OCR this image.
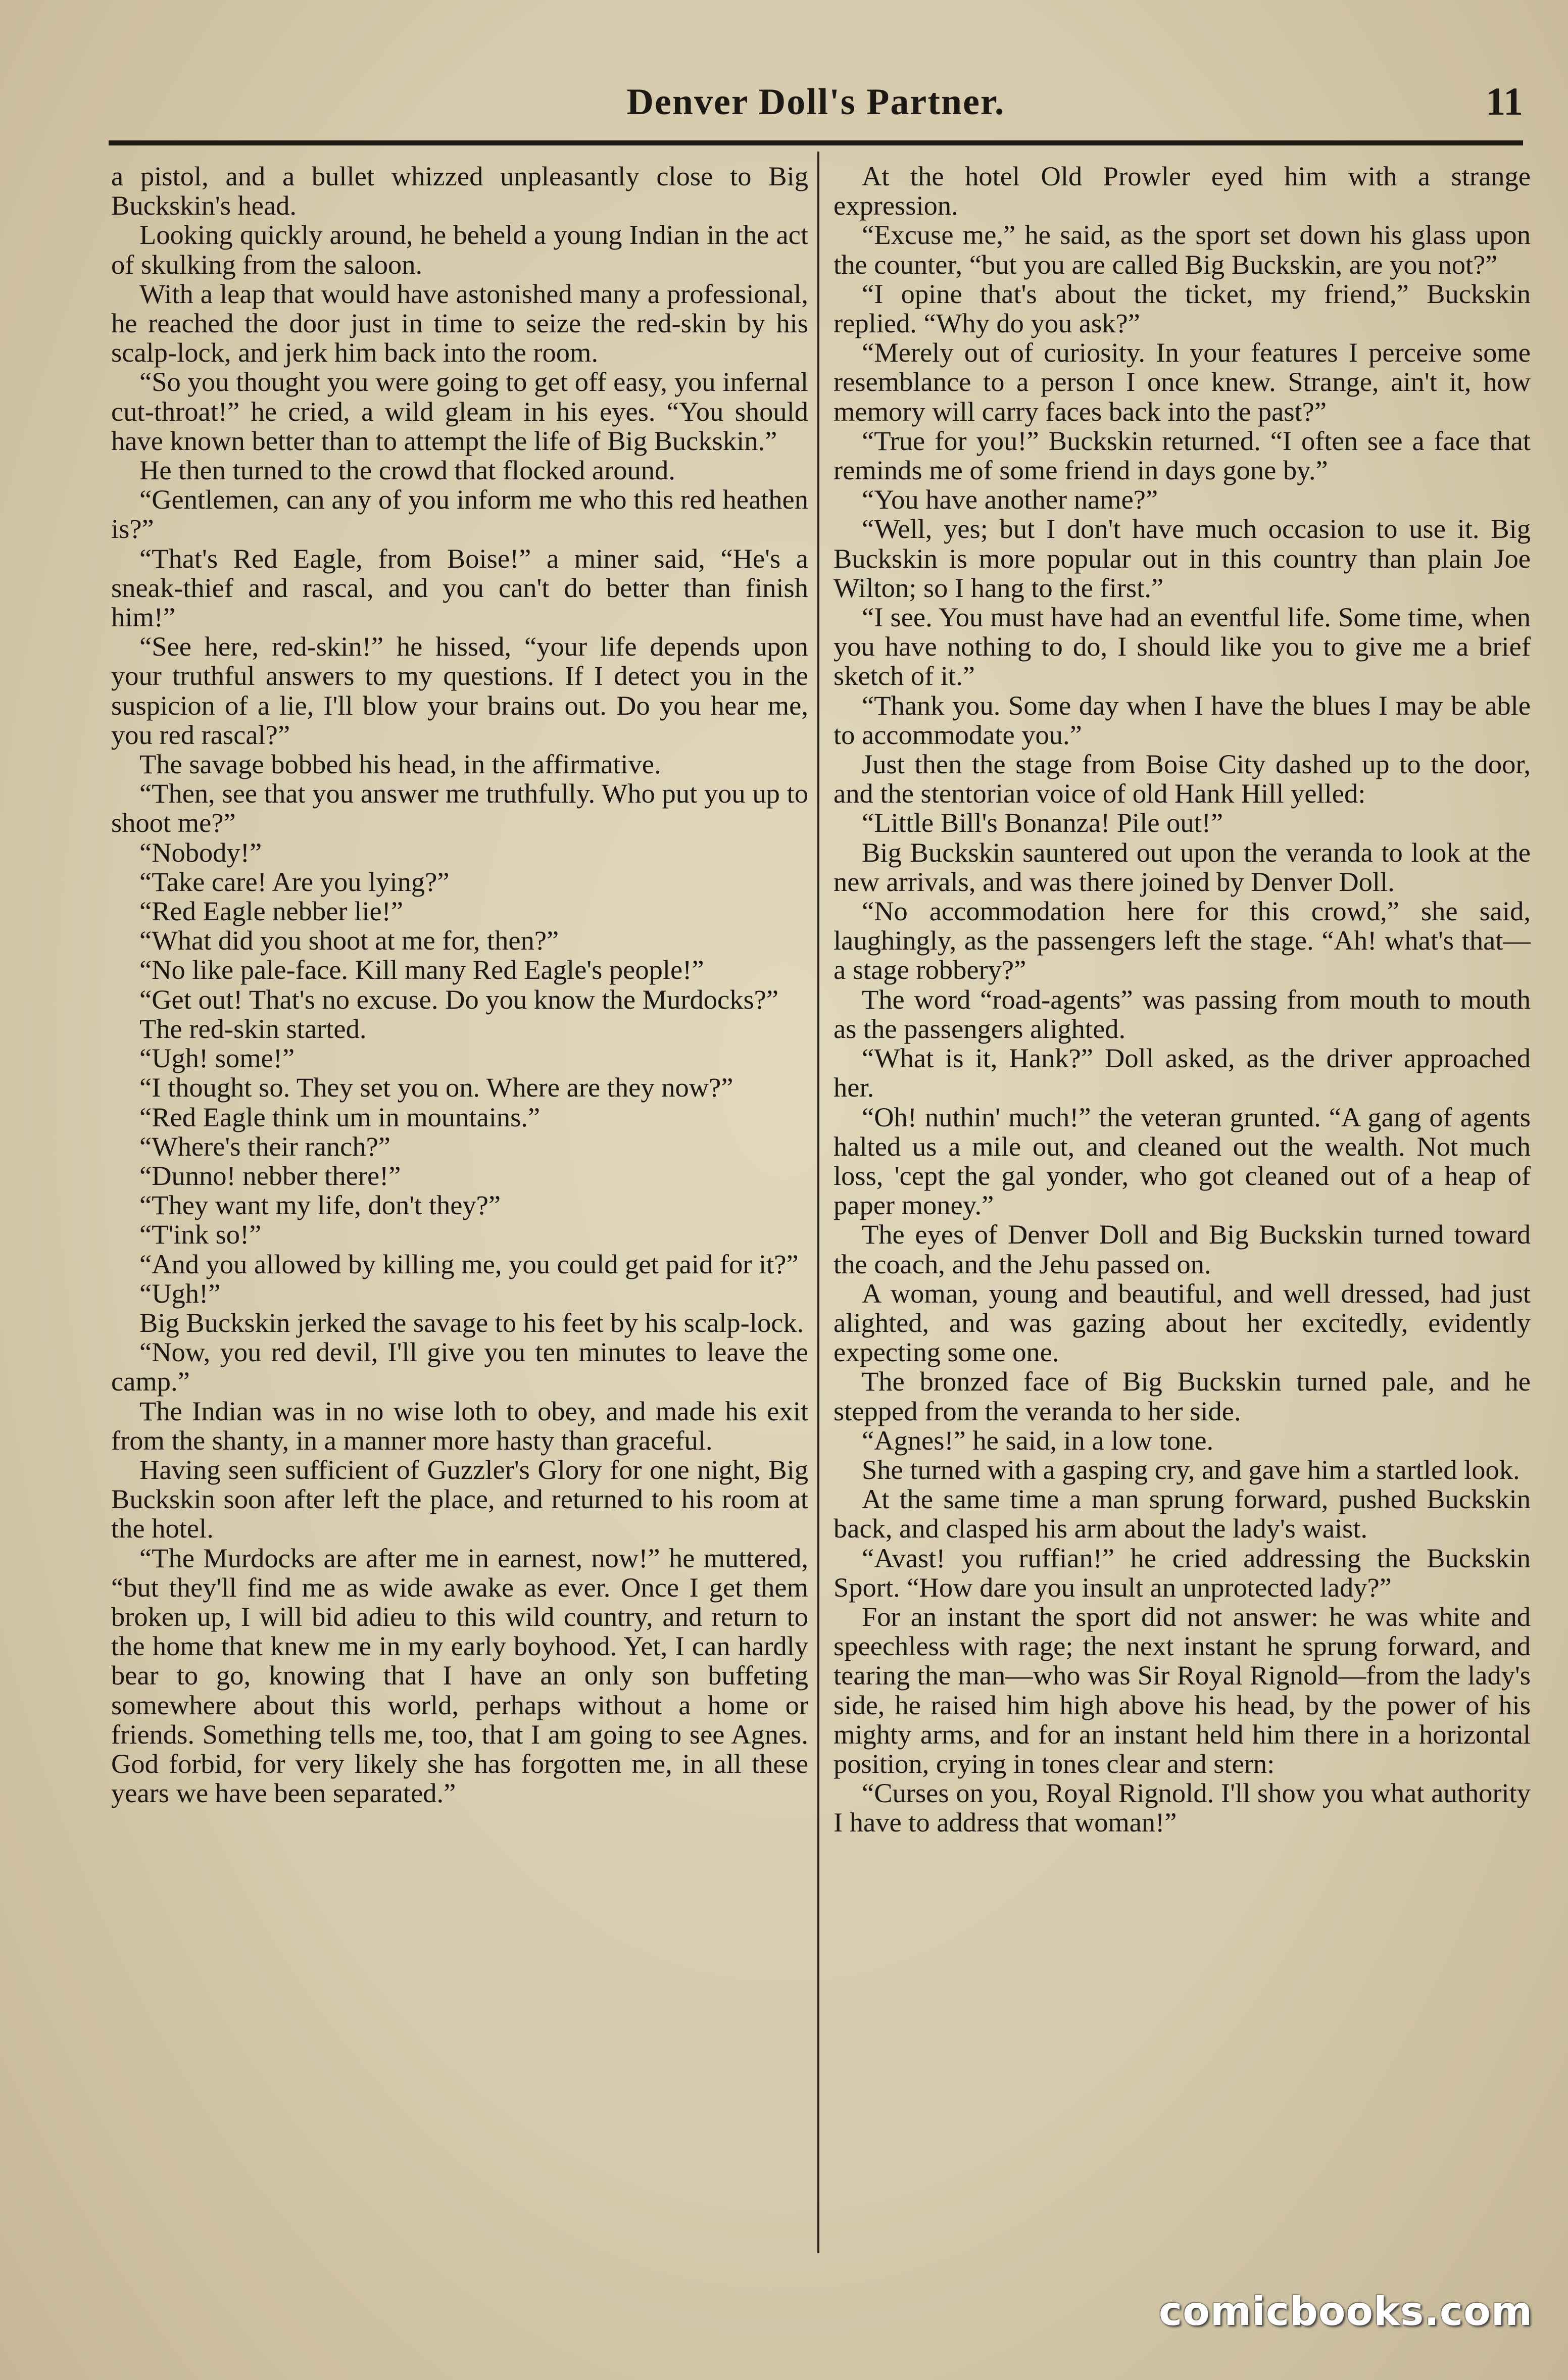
Denver Doll's Partner.	11

a pistol, and a bullet whizzed unpleasantly close to Big Buckskin's head.

Looking quickly around, he beheld a young Indian in the act of skulking from the saloon.

With a leap that would have astonished many a professional, he reached the door just in time to seize the red-skin by his scalp-lock, and jerk him back into the room.

“So you thought you were going to get off easy, you infernal cut-throat!” he cried, a wild gleam in his eyes. “You should have known better than to attempt the life of Big Buckskin.”

He then turned to the crowd that flocked around.

“Gentlemen, can any of you inform me who this red heathen is?”

“That's Red Eagle, from Boise!” a miner said, “He's a sneak-thief and rascal, and you can't do better than finish him!”

“See here, red-skin!” he hissed, “your life depends upon your truthful answers to my questions. If I detect you in the suspicion of a lie, I'll blow your brains out. Do you hear me, you red rascal?”

The savage bobbed his head, in the affirmative.

“Then, see that you answer me truthfully. Who put you up to shoot me?”

“Nobody!”

“Take care! Are you lying?”

“Red Eagle nebber lie!”

“What did you shoot at me for, then?”

“No like pale-face. Kill many Red Eagle's people!”

“Get out! That's no excuse. Do you know the Murdocks?”

The red-skin started.

“Ugh! some!”

“I thought so. They set you on. Where are they now?”

“Red Eagle think um in mountains.”

“Where's their ranch?”

“Dunno! nebber there!”

“They want my life, don't they?”

“T'ink so!”

“And you allowed by killing me, you could get paid for it?”

“Ugh!”

Big Buckskin jerked the savage to his feet by his scalp-lock.

“Now, you red devil, I'll give you ten minutes to leave the camp.”

The Indian was in no wise loth to obey, and made his exit from the shanty, in a manner more hasty than graceful.

Having seen sufficient of Guzzler's Glory for one night, Big Buckskin soon after left the place, and returned to his room at the hotel.

“The Murdocks are after me in earnest, now!” he muttered, “but they'll find me as wide awake as ever. Once I get them broken up, I will bid adieu to this wild country, and return to the home that knew me in my early boyhood. Yet, I can hardly bear to go, knowing that I have an only son buffeting somewhere about this world, perhaps without a home or friends. Something tells me, too, that I am going to see Agnes. God forbid, for very likely she has forgotten me, in all these years we have been separated.”

At the hotel Old Prowler eyed him with a strange expression.

“Excuse me,” he said, as the sport set down his glass upon the counter, “but you are called Big Buckskin, are you not?”

“I opine that's about the ticket, my friend,” Buckskin replied. “Why do you ask?”

“Merely out of curiosity. In your features I perceive some resemblance to a person I once knew. Strange, ain't it, how memory will carry faces back into the past?”

“True for you!” Buckskin returned. “I often see a face that reminds me of some friend in days gone by.”

“You have another name?”

“Well, yes; but I don't have much occasion to use it. Big Buckskin is more popular out in this country than plain Joe Wilton; so I hang to the first.”

“I see. You must have had an eventful life. Some time, when you have nothing to do, I should like you to give me a brief sketch of it.”

“Thank you. Some day when I have the blues I may be able to accommodate you.”

Just then the stage from Boise City dashed up to the door, and the stentorian voice of old Hank Hill yelled:

“Little Bill's Bonanza! Pile out!”

Big Buckskin sauntered out upon the veranda to look at the new arrivals, and was there joined by Denver Doll.

“No accommodation here for this crowd,” she said, laughingly, as the passengers left the stage. “Ah! what's that—a stage robbery?”

The word “road-agents” was passing from mouth to mouth as the passengers alighted.

“What is it, Hank?” Doll asked, as the driver approached her.

“Oh! nuthin' much!” the veteran grunted. “A gang of agents halted us a mile out, and cleaned out the wealth. Not much loss, 'cept the gal yonder, who got cleaned out of a heap of paper money.”

The eyes of Denver Doll and Big Buckskin turned toward the coach, and the Jehu passed on.

A woman, young and beautiful, and well dressed, had just alighted, and was gazing about her excitedly, evidently expecting some one.

The bronzed face of Big Buckskin turned pale, and he stepped from the veranda to her side.

“Agnes!” he said, in a low tone.

She turned with a gasping cry, and gave him a startled look.

At the same time a man sprung forward, pushed Buckskin back, and clasped his arm about the lady's waist.

“Avast! you ruffian!” he cried addressing the Buckskin Sport. “How dare you insult an unprotected lady?”

For an instant the sport did not answer: he was white and speechless with rage; the next instant he sprung forward, and tearing the man—who was Sir Royal Rignold—from the lady's side, he raised him high above his head, by the power of his mighty arms, and for an instant held him there in a horizontal position, crying in tones clear and stern:

“Curses on you, Royal Rignold. I'll show you what authority I have to address that woman!”

comicbooks.com
